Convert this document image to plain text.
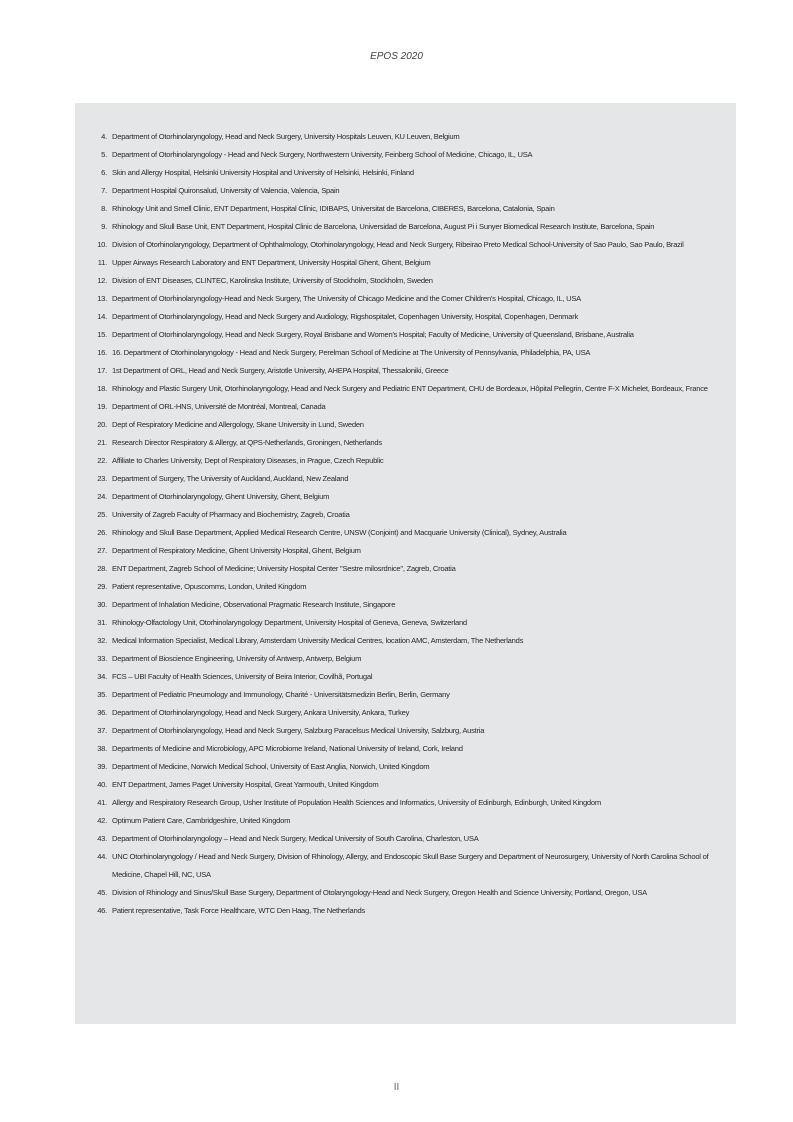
EPOS 2020
4. Department of Otorhinolaryngology, Head and Neck Surgery, University Hospitals Leuven, KU Leuven, Belgium
5. Department of Otorhinolaryngology - Head and Neck Surgery, Northwestern University, Feinberg School of Medicine, Chicago, IL, USA
6. Skin and Allergy Hospital, Helsinki University Hospital and University of Helsinki, Helsinki, Finland
7. Department Hospital Quironsalud, University of Valencia, Valencia, Spain
8. Rhinology Unit and Smell Clinic, ENT Department, Hospital Clínic, IDIBAPS, Universitat de Barcelona, CIBERES, Barcelona, Catalonia, Spain
9. Rhinology and Skull Base Unit, ENT Department, Hospital Clinic de Barcelona, Universidad de Barcelona, August Pi i Sunyer Biomedical Research Institute, Barcelona, Spain
10. Division of Otorhinolaryngology, Department of Ophthalmology, Otorhinolaryngology, Head and Neck Surgery, Ribeirao Preto Medical School-University of Sao Paulo, Sao Paulo, Brazil
11. Upper Airways Research Laboratory and ENT Department, University Hospital Ghent, Ghent, Belgium
12. Division of ENT Diseases, CLINTEC, Karolinska Institute, University of Stockholm, Stockholm, Sweden
13. Department of Otorhinolaryngology-Head and Neck Surgery, The University of Chicago Medicine and the Comer Children's Hospital, Chicago, IL, USA
14. Department of Otorhinolaryngology, Head and Neck Surgery and Audiology, Rigshospitalet, Copenhagen University, Hospital, Copenhagen, Denmark
15. Department of Otorhinolaryngology, Head and Neck Surgery, Royal Brisbane and Women's Hospital; Faculty of Medicine, University of Queensland, Brisbane, Australia
16. 16. Department of Otorhinolaryngology - Head and Neck Surgery, Perelman School of Medicine at The University of Pennsylvania, Philadelphia, PA, USA
17. 1st Department of ORL, Head and Neck Surgery, Aristotle University, AHEPA Hospital, Thessaloniki, Greece
18. Rhinology and Plastic Surgery Unit, Otorhinolaryngology, Head and Neck Surgery and Pediatric ENT Department, CHU de Bordeaux, Hôpital Pellegrin, Centre F-X Michelet, Bordeaux, France
19. Department of ORL-HNS, Université de Montréal, Montreal, Canada
20. Dept of Respiratory Medicine and Allergology, Skane University in Lund, Sweden
21. Research Director Respiratory & Allergy, at QPS-Netherlands, Groningen, Netherlands
22. Affiliate to Charles University, Dept of Respiratory Diseases, in Prague, Czech Republic
23. Department of Surgery, The University of Auckland, Auckland, New Zealand
24. Department of Otorhinolaryngology, Ghent University, Ghent, Belgium
25. University of Zagreb Faculty of Pharmacy and Biochemistry, Zagreb, Croatia
26. Rhinology and Skull Base Department, Applied Medical Research Centre, UNSW (Conjoint) and Macquarie University (Clinical), Sydney, Australia
27. Department of Respiratory Medicine, Ghent University Hospital, Ghent, Belgium
28. ENT Department, Zagreb School of Medicine; University Hospital Center "Sestre milosrdnice", Zagreb, Croatia
29. Patient representative, Opuscomms, London, United Kingdom
30. Department of Inhalation Medicine, Observational Pragmatic Research Institute, Singapore
31. Rhinology-Olfactology Unit, Otorhinolaryngology Department, University Hospital of Geneva, Geneva, Switzerland
32. Medical Information Specialist, Medical Library, Amsterdam University Medical Centres, location AMC, Amsterdam, The Netherlands
33. Department of Bioscience Engineering, University of Antwerp, Antwerp, Belgium
34. FCS – UBI Faculty of Health Sciences, University of Beira Interior, Covilhã, Portugal
35. Department of Pediatric Pneumology and Immunology, Charité - Universitätsmedizin Berlin, Berlin, Germany
36. Department of Otorhinolaryngology, Head and Neck Surgery, Ankara University, Ankara, Turkey
37. Department of Otorhinolaryngology, Head and Neck Surgery, Salzburg Paracelsus Medical University, Salzburg, Austria
38. Departments of Medicine and Microbiology, APC Microbiome Ireland, National University of Ireland, Cork, Ireland
39. Department of Medicine, Norwich Medical School, University of East Anglia, Norwich, United Kingdom
40. ENT Department, James Paget University Hospital, Great Yarmouth, United Kingdom
41. Allergy and Respiratory Research Group, Usher Institute of Population Health Sciences and Informatics, University of Edinburgh, Edinburgh, United Kingdom
42. Optimum Patient Care, Cambridgeshire, United Kingdom
43. Department of Otorhinolaryngology – Head and Neck Surgery, Medical University of South Carolina, Charleston, USA
44. UNC Otorhinolaryngology / Head and Neck Surgery, Division of Rhinology, Allergy, and Endoscopic Skull Base Surgery and Department of Neurosurgery, University of North Carolina School of Medicine, Chapel Hill, NC, USA
45. Division of Rhinology and Sinus/Skull Base Surgery, Department of Otolaryngology-Head and Neck Surgery, Oregon Health and Science University, Portland, Oregon, USA
46. Patient representative, Task Force Healthcare, WTC Den Haag, The Netherlands
II
